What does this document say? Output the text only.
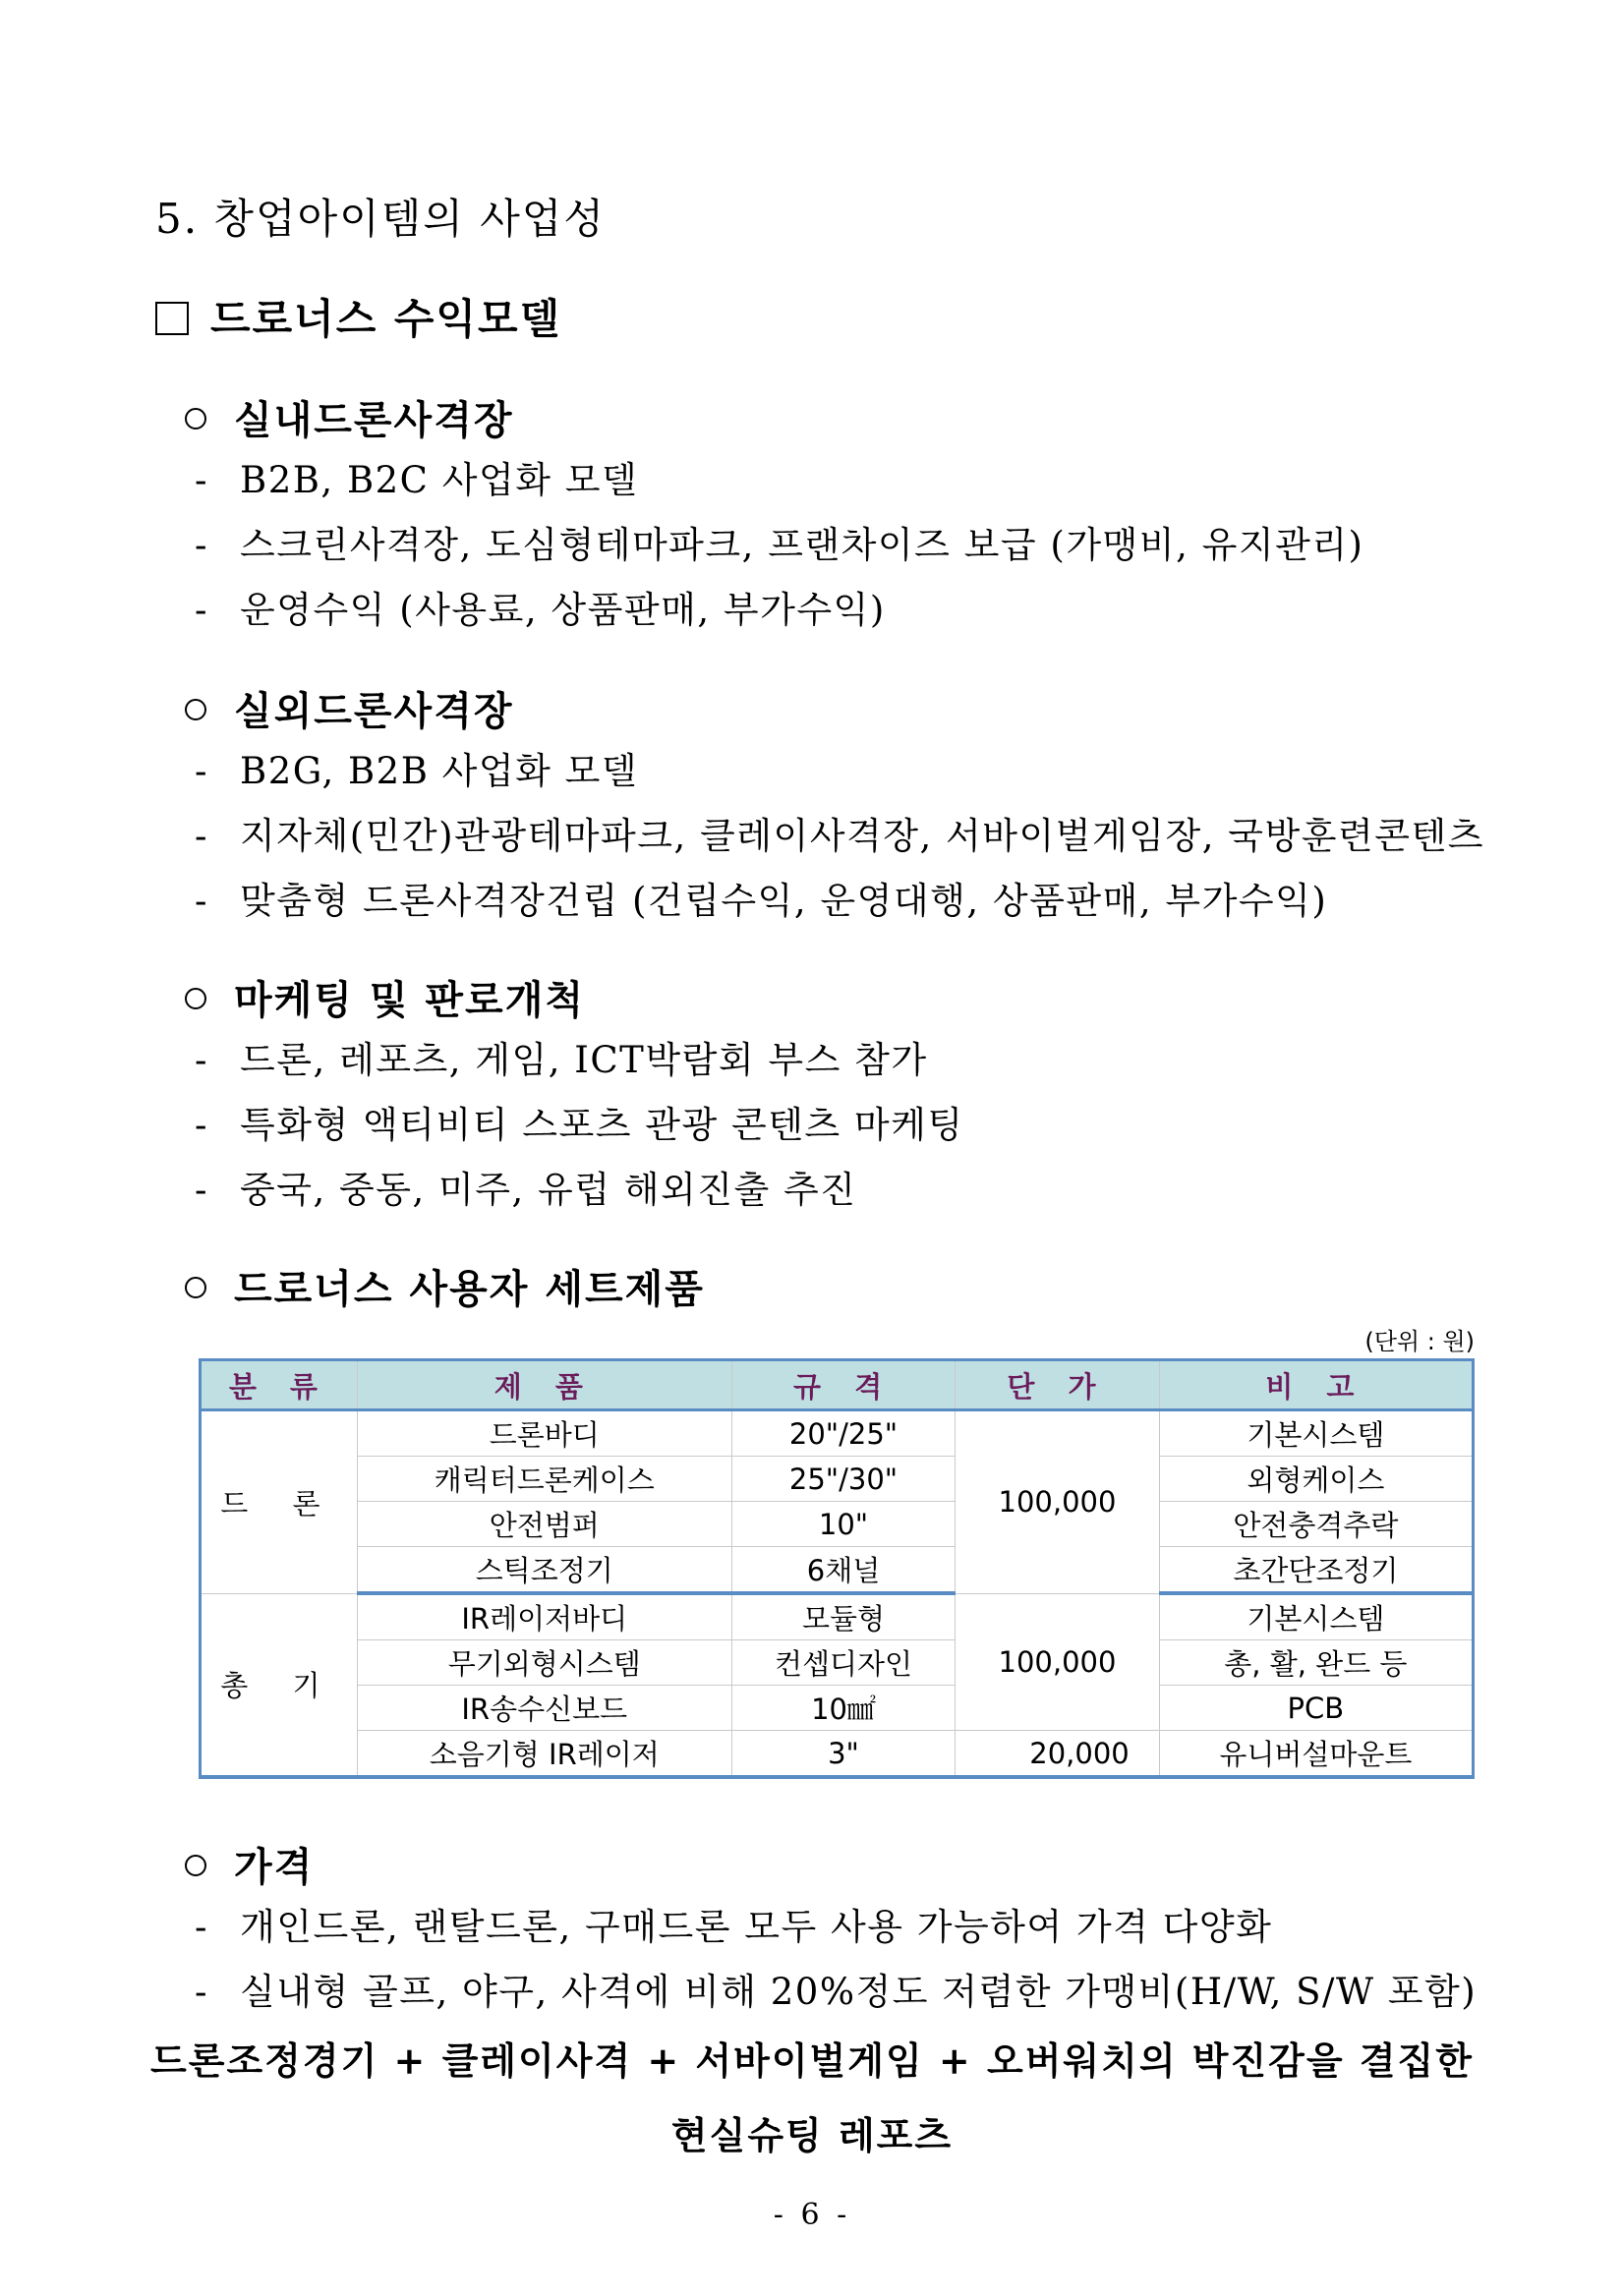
5. 창업아이템의 사업성
드로너스 수익모델
실내드론사격장
- B2B, B2C 사업화 모델
- 스크린사격장, 도심형테마파크, 프랜차이즈 보급 (가맹비, 유지관리)
- 운영수익 (사용료, 상품판매, 부가수익)
실외드론사격장
- B2G, B2B 사업화 모델
- 지자체(민간)관광테마파크, 클레이사격장, 서바이벌게임장, 국방훈련콘텐츠
- 맞춤형 드론사격장건립 (건립수익, 운영대행, 상품판매, 부가수익)
마케팅 및 판로개척
- 드론, 레포츠, 게임, ICT박람회 부스 참가
- 특화형 액티비티 스포츠 관광 콘텐츠 마케팅
- 중국, 중동, 미주, 유럽 해외진출 추진
드로너스 사용자 세트제품
(단위 : 원)
분 류	제 품	규 격	단 가	비 고
드 론	드론바디	20"/25"	100,000	기본시스템
	캐릭터드론케이스	25"/30"		외형케이스
	안전범퍼	10"		안전충격추락
	스틱조정기	6채널		초간단조정기
총 기	IR레이저바디	모듈형	100,000	기본시스템
	무기외형시스템	컨셉디자인		총, 활, 완드 등
	IR송수신보드	10㎟		PCB
	소음기형 IR레이저	3"	20,000	유니버설마운트
가격
- 개인드론, 랜탈드론, 구매드론 모두 사용 가능하여 가격 다양화
- 실내형 골프, 야구, 사격에 비해 20%정도 저렴한 가맹비(H/W, S/W 포함)
드론조정경기 + 클레이사격 + 서바이벌게임 + 오버워치의 박진감을 결집한
현실슈팅 레포츠
- 6 -
